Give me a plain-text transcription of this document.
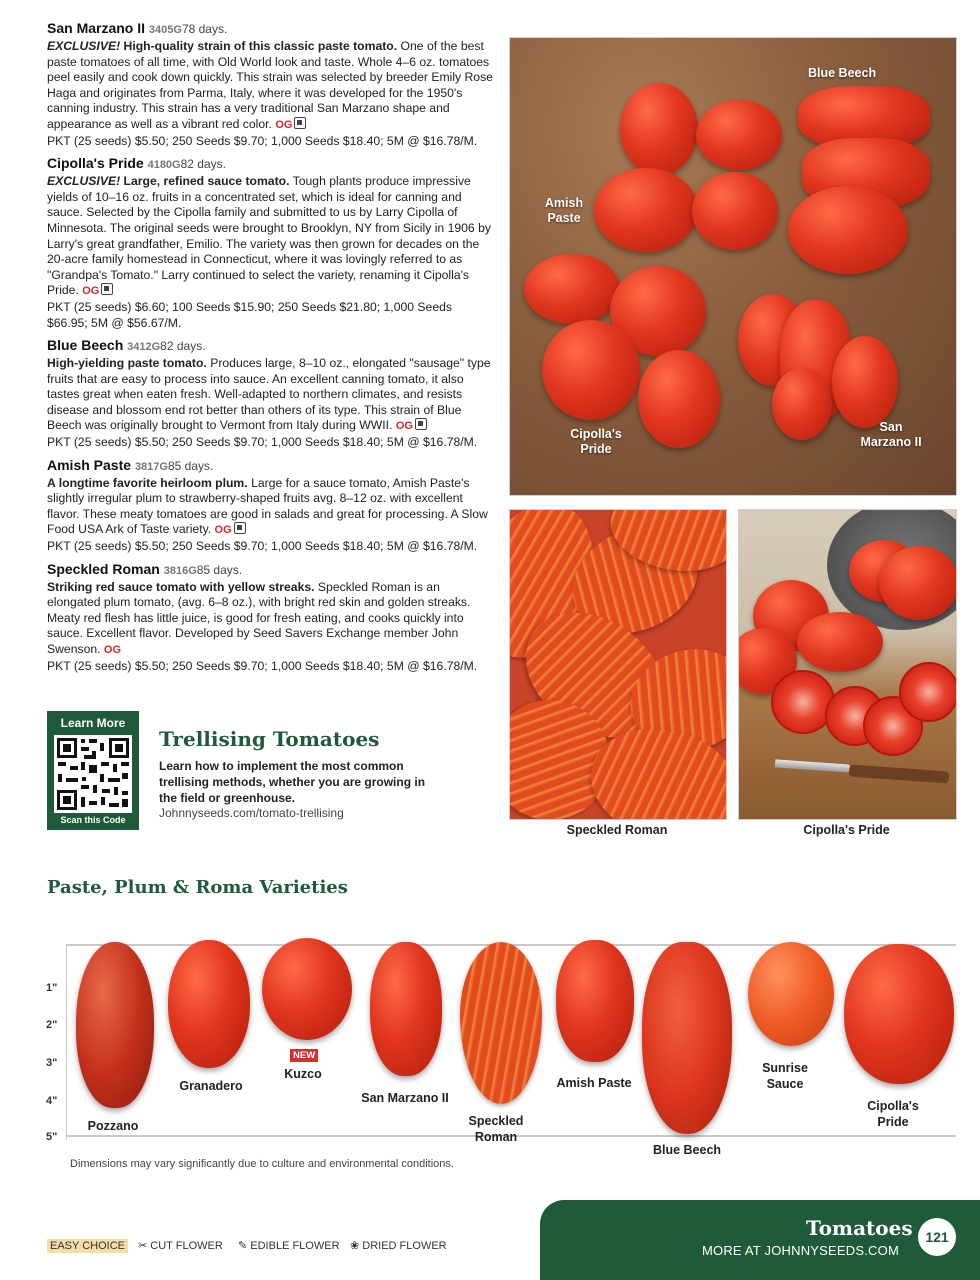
San Marzano II 3405G78 days.
EXCLUSIVE! High-quality strain of this classic paste tomato. One of the best paste tomatoes of all time, with Old World look and taste. Whole 4–6 oz. tomatoes peel easily and cook down quickly. This strain was selected by breeder Emily Rose Haga and originates from Parma, Italy, where it was developed for the 1950's canning industry. This strain has a very traditional San Marzano shape and appearance as well as a vibrant red color. OG
PKT (25 seeds) $5.50; 250 Seeds $9.70; 1,000 Seeds $18.40; 5M @ $16.78/M.
Cipolla's Pride 4180G82 days.
EXCLUSIVE! Large, refined sauce tomato. Tough plants produce impressive yields of 10–16 oz. fruits in a concentrated set, which is ideal for canning and sauce. Selected by the Cipolla family and submitted to us by Larry Cipolla of Minnesota. The original seeds were brought to Brooklyn, NY from Sicily in 1906 by Larry's great grandfather, Emilio. The variety was then grown for decades on the 20-acre family homestead in Connecticut, where it was lovingly referred to as "Grandpa's Tomato." Larry continued to select the variety, renaming it Cipolla's Pride. OG
PKT (25 seeds) $6.60; 100 Seeds $15.90; 250 Seeds $21.80; 1,000 Seeds $66.95; 5M @ $56.67/M.
Blue Beech 3412G82 days.
High-yielding paste tomato. Produces large, 8–10 oz., elongated "sausage" type fruits that are easy to process into sauce. An excellent canning tomato, it also tastes great when eaten fresh. Well-adapted to northern climates, and resists disease and blossom end rot better than others of its type. This strain of Blue Beech was originally brought to Vermont from Italy during WWII. OG
PKT (25 seeds) $5.50; 250 Seeds $9.70; 1,000 Seeds $18.40; 5M @ $16.78/M.
Amish Paste 3817G85 days.
A longtime favorite heirloom plum. Large for a sauce tomato, Amish Paste's slightly irregular plum to strawberry-shaped fruits avg. 8–12 oz. with excellent flavor. These meaty tomatoes are good in salads and great for processing. A Slow Food USA Ark of Taste variety. OG
PKT (25 seeds) $5.50; 250 Seeds $9.70; 1,000 Seeds $18.40; 5M @ $16.78/M.
Speckled Roman 3816G85 days.
Striking red sauce tomato with yellow streaks. Speckled Roman is an elongated plum tomato, (avg. 6–8 oz.), with bright red skin and golden streaks. Meaty red flesh has little juice, is good for fresh eating, and cooks quickly into sauce. Excellent flavor. Developed by Seed Savers Exchange member John Swenson. OG
PKT (25 seeds) $5.50; 250 Seeds $9.70; 1,000 Seeds $18.40; 5M @ $16.78/M.
Blue Beech
Amish
Paste
Cipolla's
Pride
San
Marzano II
Speckled Roman	Cipolla's Pride
Learn More
Scan this Code
Trellising Tomatoes
Learn how to implement the most common trellising methods, whether you are growing in the field or greenhouse.
Johnnyseeds.com/tomato-trellising
Paste, Plum & Roma Varieties
1"
2"
3"
4"
5"
Pozzano
Granadero
NEW
Kuzco
San Marzano II
Speckled
Roman
Amish Paste
Blue Beech
Sunrise
Sauce
Cipolla's
Pride
Dimensions may vary significantly due to culture and environmental conditions.
EASY CHOICE ✂ CUT FLOWER ✎ EDIBLE FLOWER ❀ DRIED FLOWER
Tomatoes
MORE AT JOHNNYSEEDS.COM
121
